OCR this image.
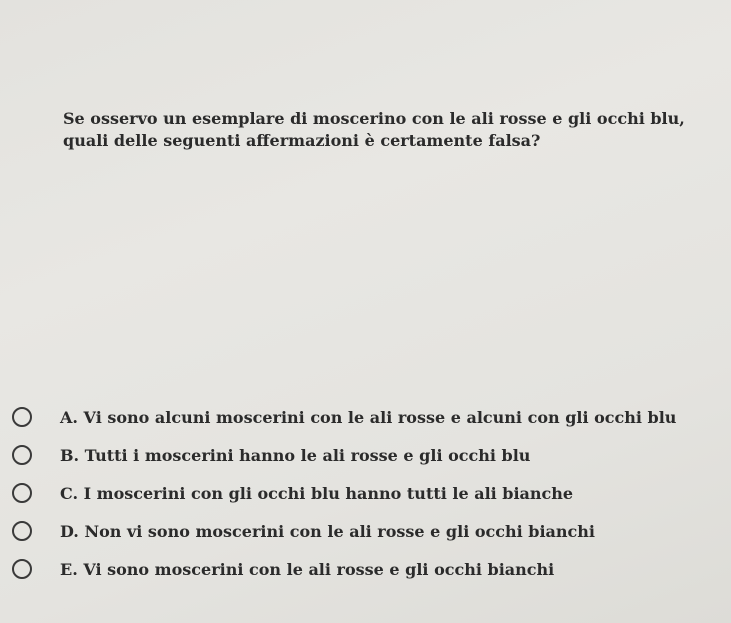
Se osservo un esemplare di moscerino con le ali rosse e gli occhi blu,
quali delle seguenti affermazioni è certamente falsa?
A. Vi sono alcuni moscerini con le ali rosse e alcuni con gli occhi blu
B. Tutti i moscerini hanno le ali rosse e gli occhi blu
C. I moscerini con gli occhi blu hanno tutti le ali bianche
D. Non vi sono moscerini con le ali rosse e gli occhi bianchi
E. Vi sono moscerini con le ali rosse e gli occhi bianchi
